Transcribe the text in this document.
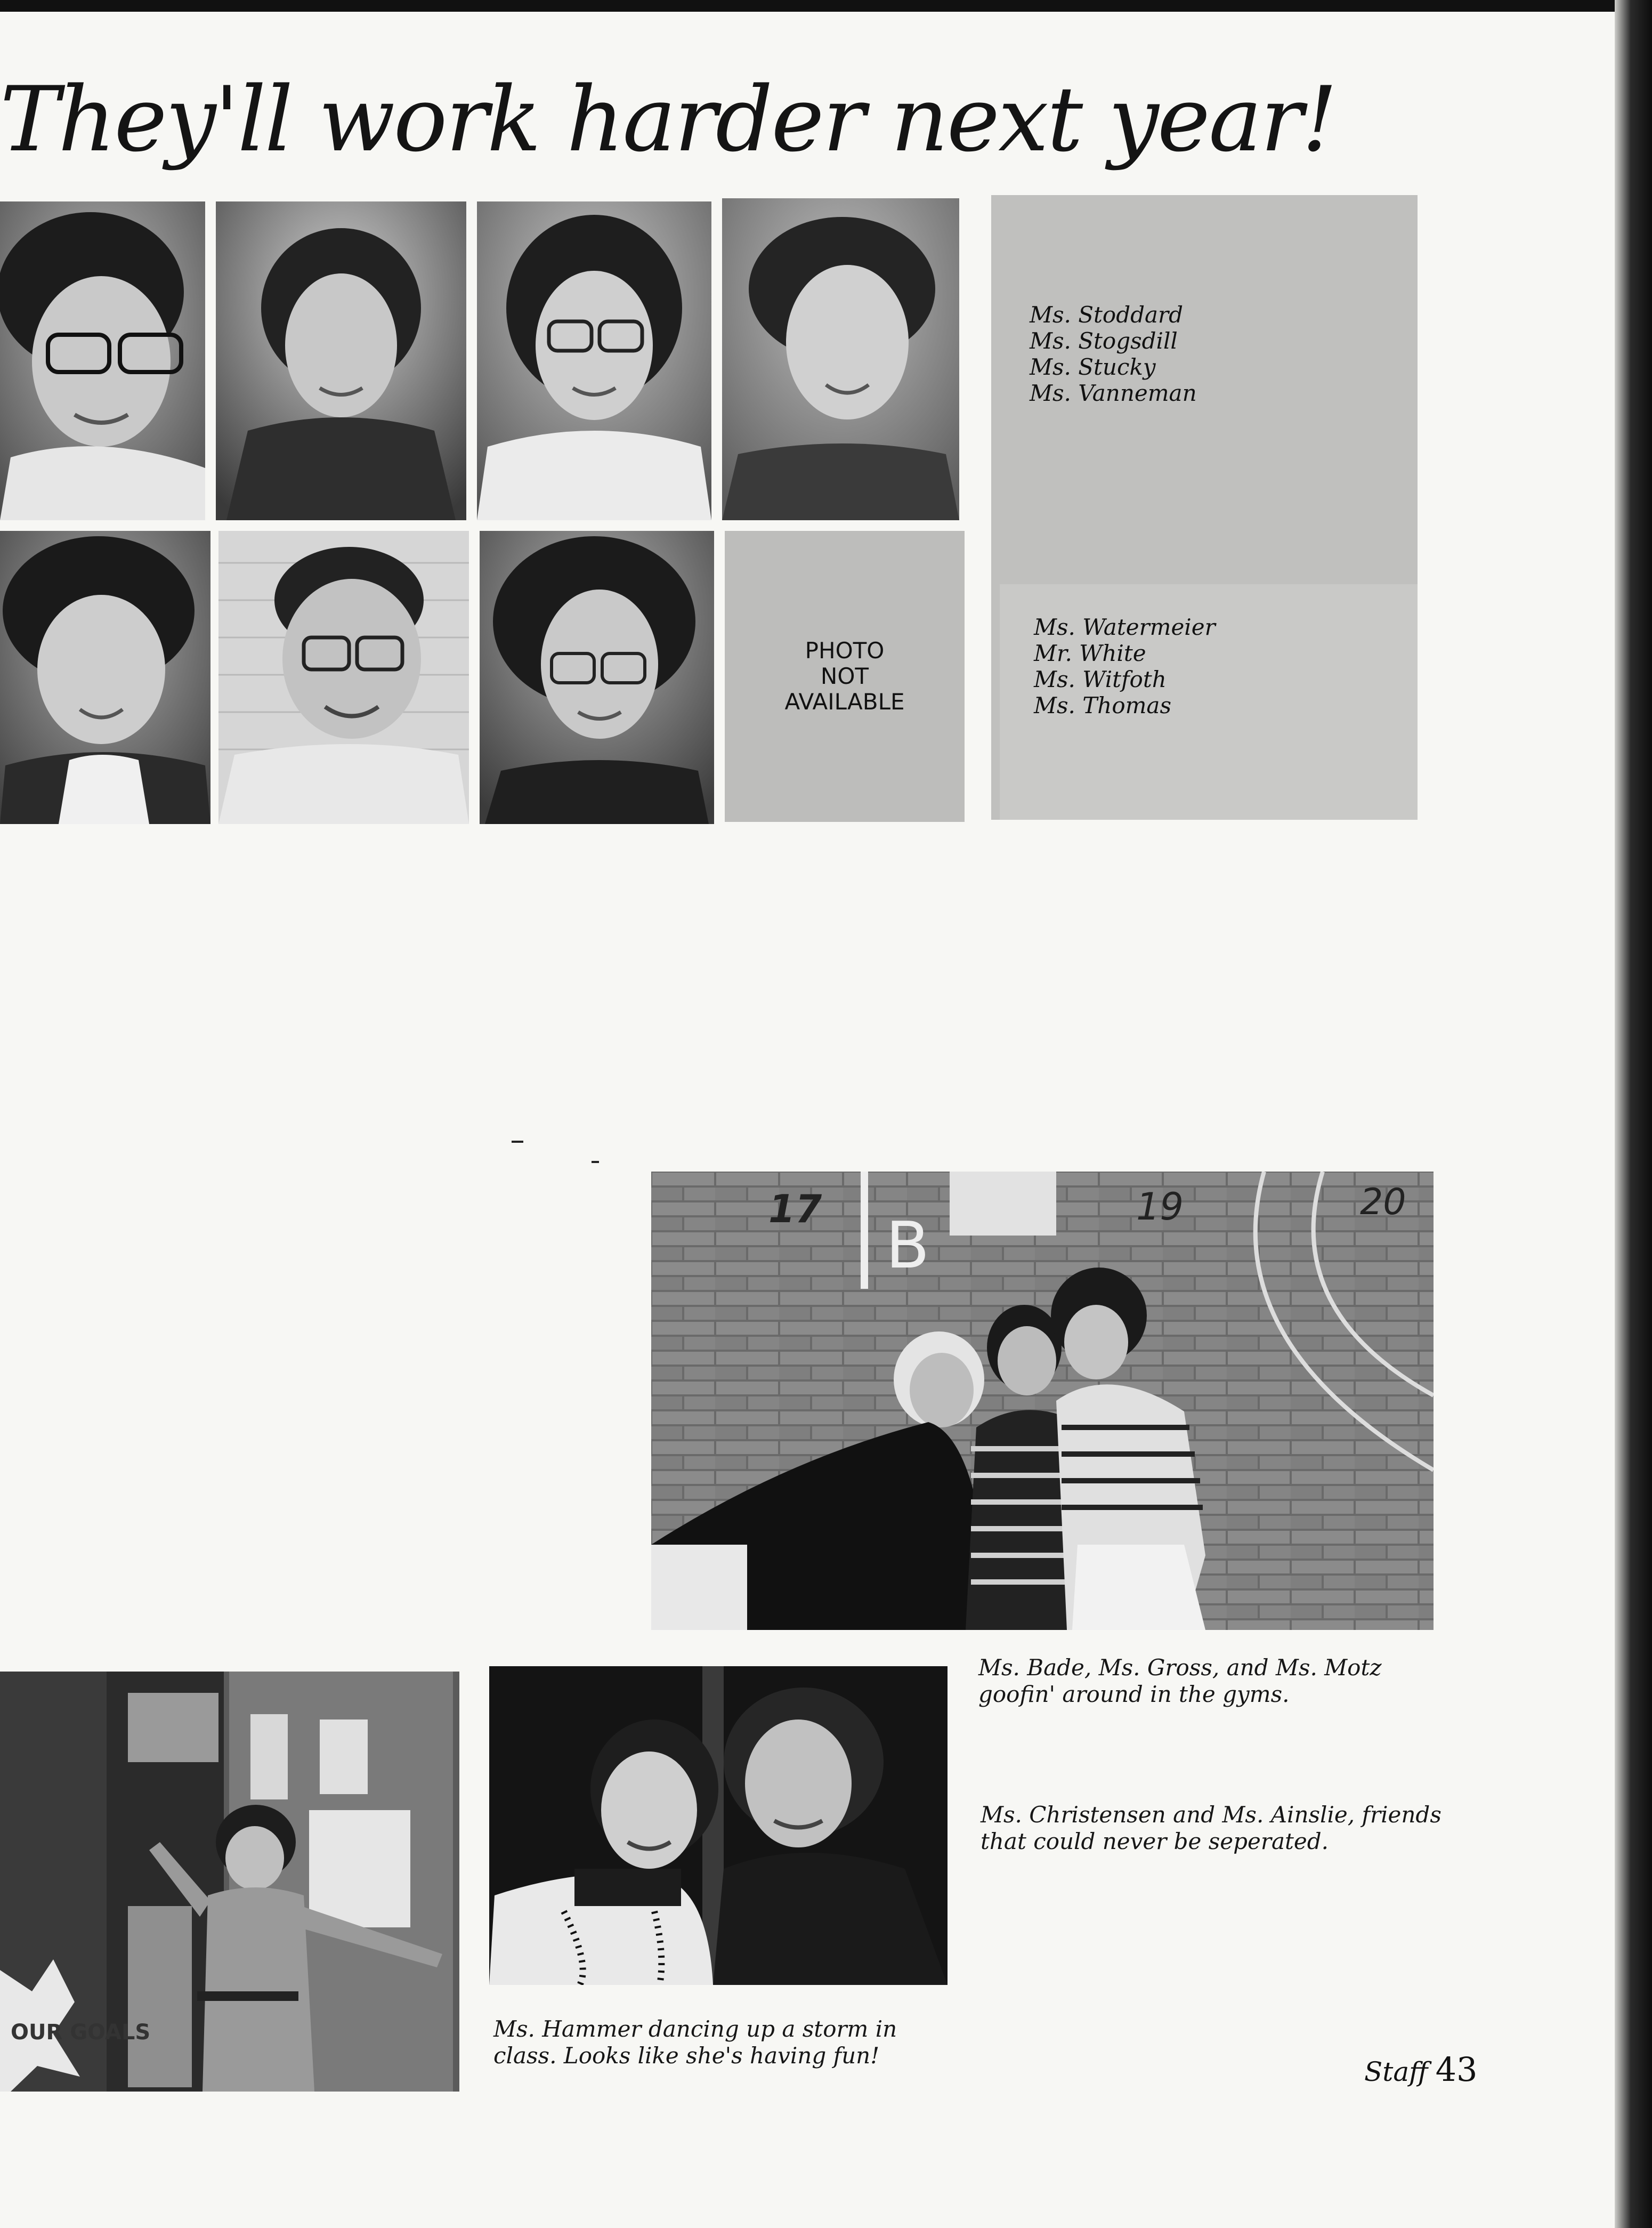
They'll work harder next year!
PHOTO
NOT
AVAILABLE
Ms. Stoddard
Ms. Stogsdill
Ms. Stucky
Ms. Vanneman
Ms. Watermeier
Mr. White
Ms. Witfoth
Ms. Thomas
17 B
19	20
Ms. Bade, Ms. Gross, and Ms. Motz
goofin' around in the gyms.
OUR GOALS	Ms. Hammer dancing up a storm in
class. Looks like she's having fun!
Ms. Christensen and Ms. Ainslie, friends
that could never be seperated.
Staff 43
